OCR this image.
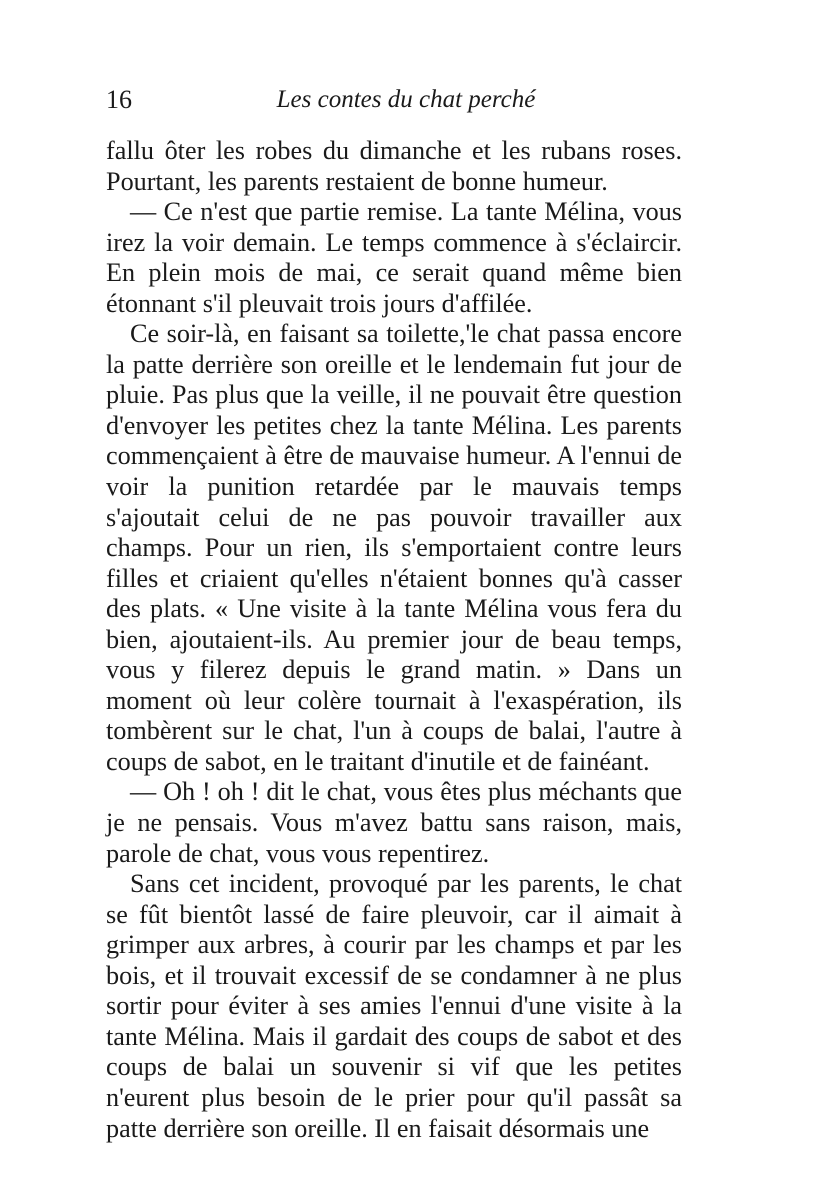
16	Les contes du chat perché

fallu ôter les robes du dimanche et les rubans roses. Pourtant, les parents restaient de bonne humeur.

— Ce n'est que partie remise. La tante Mélina, vous irez la voir demain. Le temps commence à s'éclaircir. En plein mois de mai, ce serait quand même bien étonnant s'il pleuvait trois jours d'affilée.

Ce soir-là, en faisant sa toilette,'le chat passa encore la patte derrière son oreille et le lendemain fut jour de pluie. Pas plus que la veille, il ne pouvait être question d'envoyer les petites chez la tante Mélina. Les parents commençaient à être de mauvaise humeur. A l'ennui de voir la punition retardée par le mauvais temps s'ajoutait celui de ne pas pouvoir travailler aux champs. Pour un rien, ils s'emportaient contre leurs filles et criaient qu'elles n'étaient bonnes qu'à casser des plats. « Une visite à la tante Mélina vous fera du bien, ajoutaient-ils. Au premier jour de beau temps, vous y filerez depuis le grand matin. » Dans un moment où leur colère tournait à l'exaspération, ils tombèrent sur le chat, l'un à coups de balai, l'autre à coups de sabot, en le traitant d'inutile et de fainéant.

— Oh ! oh ! dit le chat, vous êtes plus méchants que je ne pensais. Vous m'avez battu sans raison, mais, parole de chat, vous vous repentirez.

Sans cet incident, provoqué par les parents, le chat se fût bientôt lassé de faire pleuvoir, car il aimait à grimper aux arbres, à courir par les champs et par les bois, et il trouvait excessif de se condamner à ne plus sortir pour éviter à ses amies l'ennui d'une visite à la tante Mélina. Mais il gardait des coups de sabot et des coups de balai un souvenir si vif que les petites n'eurent plus besoin de le prier pour qu'il passât sa patte derrière son oreille. Il en faisait désormais une
